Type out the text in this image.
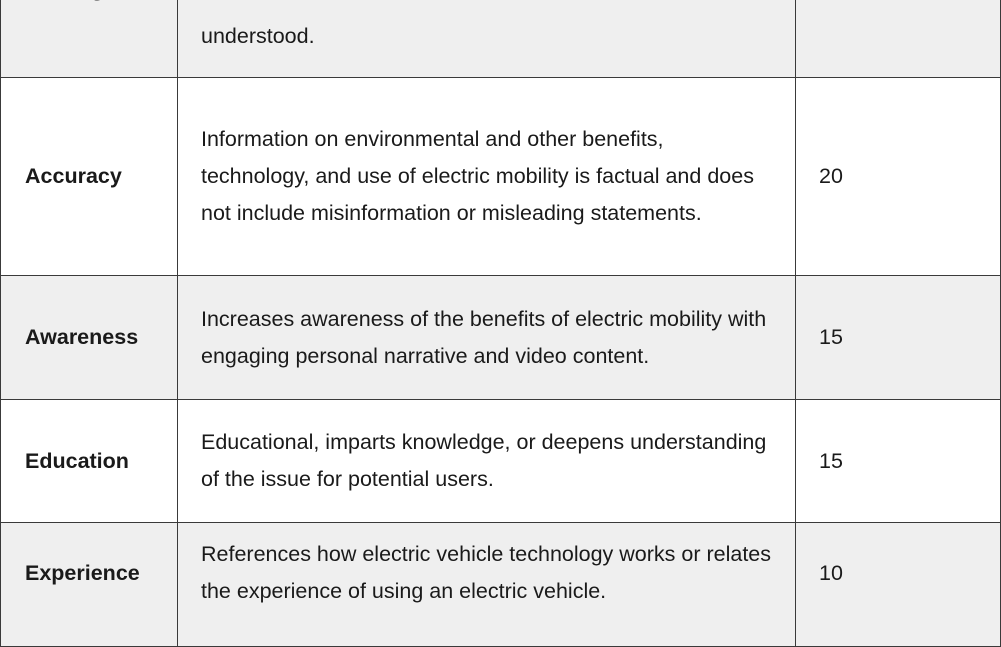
	understood.	
Accuracy	Information on environmental and other benefits, technology, and use of electric mobility is factual and does not include misinformation or misleading statements.	20
Awareness	Increases awareness of the benefits of electric mobility with engaging personal narrative and video content.	15
Education	Educational, imparts knowledge, or deepens understanding of the issue for potential users.	15
Experience	References how electric vehicle technology works or relates the experience of using an electric vehicle.	10
